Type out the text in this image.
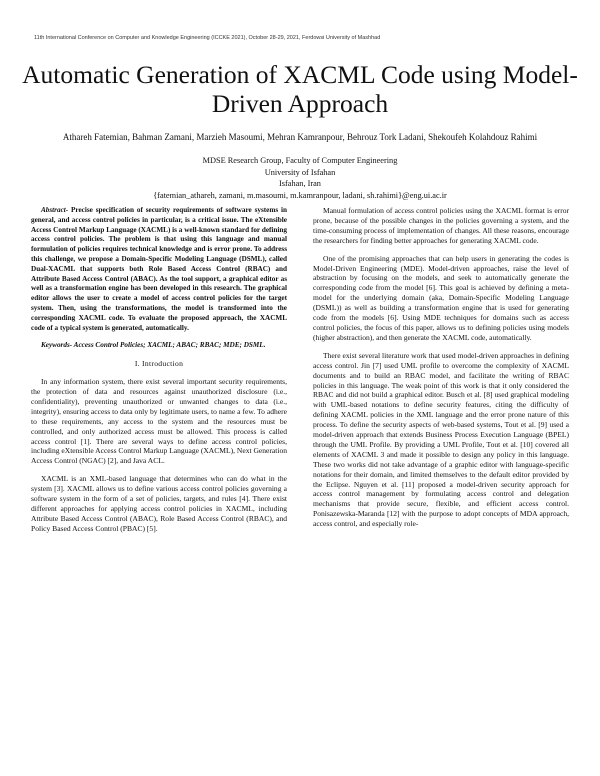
11th International Conference on Computer and Knowledge Engineering (ICCKE 2021), October 28-29, 2021, Ferdowsi University of Mashhad
Automatic Generation of XACML Code using Model-Driven Approach
Athareh Fatemian, Bahman Zamani, Marzieh Masoumi, Mehran Kamranpour, Behrouz Tork Ladani, Shekoufeh Kolahdouz Rahimi
MDSE Research Group, Faculty of Computer Engineering
University of Isfahan
Isfahan, Iran
{fatemian_athareh, zamani, m.masoumi, m.kamranpour, ladani, sh.rahimi}@eng.ui.ac.ir

Abstract- Precise specification of security requirements of software systems in general, and access control policies in particular, is a critical issue. The eXtensible Access Control Markup Language (XACML) is a well-known standard for defining access control policies. The problem is that using this language and manual formulation of policies requires technical knowledge and is error prone. To address this challenge, we propose a Domain-Specific Modeling Language (DSML), called Dual-XACML that supports both Role Based Access Control (RBAC) and Attribute Based Access Control (ABAC). As the tool support, a graphical editor as well as a transformation engine has been developed in this research. The graphical editor allows the user to create a model of access control policies for the target system. Then, using the transformations, the model is transformed into the corresponding XACML code. To evaluate the proposed approach, the XACML code of a typical system is generated, automatically.

Keywords- Access Control Policies; XACML; ABAC; RBAC; MDE; DSML.

I. Introduction

In any information system, there exist several important security requirements, the protection of data and resources against unauthorized disclosure (i.e., confidentiality), preventing unauthorized or unwanted changes to data (i.e., integrity), ensuring access to data only by legitimate users, to name a few. To adhere to these requirements, any access to the system and the resources must be controlled, and only authorized access must be allowed. This process is called access control [1]. There are several ways to define access control policies, including eXtensible Access Control Markup Language (XACML), Next Generation Access Control (NGAC) [2], and Java ACL.

XACML is an XML-based language that determines who can do what in the system [3]. XACML allows us to define various access control policies governing a software system in the form of a set of policies, targets, and rules [4]. There exist different approaches for applying access control policies in XACML, including Attribute Based Access Control (ABAC), Role Based Access Control (RBAC), and Policy Based Access Control (PBAC) [5].

Manual formulation of access control policies using the XACML format is error prone, because of the possible changes in the policies governing a system, and the time-consuming process of implementation of changes. All these reasons, encourage the researchers for finding better approaches for generating XACML code.

One of the promising approaches that can help users in generating the codes is Model-Driven Engineering (MDE). Model-driven approaches, raise the level of abstraction by focusing on the models, and seek to automatically generate the corresponding code from the model [6]. This goal is achieved by defining a meta-model for the underlying domain (aka, Domain-Specific Modeling Language (DSML)) as well as building a transformation engine that is used for generating code from the models [6]. Using MDE techniques for domains such as access control policies, the focus of this paper, allows us to defining policies using models (higher abstraction), and then generate the XACML code, automatically.

There exist several literature work that used model-driven approaches in defining access control. Jin [7] used UML profile to overcome the complexity of XACML documents and to build an RBAC model, and facilitate the writing of RBAC policies in this language. The weak point of this work is that it only considered the RBAC and did not build a graphical editor. Busch et al. [8] used graphical modeling with UML-based notations to define security features, citing the difficulty of defining XACML policies in the XML language and the error prone nature of this process. To define the security aspects of web-based systems, Tout et al. [9] used a model-driven approach that extends Business Process Execution Language (BPEL) through the UML Profile. By providing a UML Profile, Tout et al. [10] covered all elements of XACML 3 and made it possible to design any policy in this language. These two works did not take advantage of a graphic editor with language-specific notations for their domain, and limited themselves to the default editor provided by the Eclipse. Nguyen et al. [11] proposed a model-driven security approach for access control management by formulating access control and delegation mechanisms that provide secure, flexible, and efficient access control. Ponisazewska-Maranda [12] with the purpose to adopt concepts of MDA approach, access control, and especially role-
